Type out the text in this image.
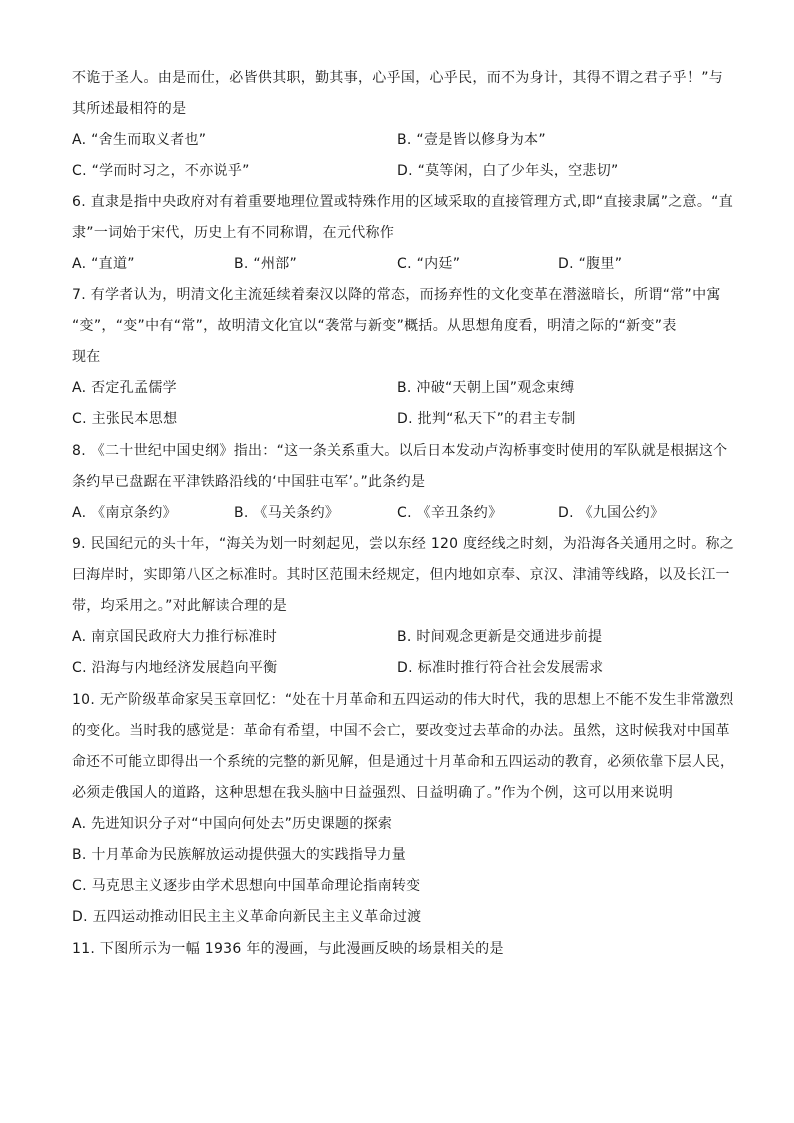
不诡于圣人。由是而仕，必皆供其职，勤其事，心乎国，心乎民，而不为身计，其得不谓之君子乎！”与
其所述最相符的是
A. “舍生而取义者也”	B. “壹是皆以修身为本”
C. “学而时习之，不亦说乎”	D. “莫等闲，白了少年头，空悲切”
6. 直隶是指中央政府对有着重要地理位置或特殊作用的区域采取的直接管理方式,即“直接隶属”之意。“直
隶”一词始于宋代，历史上有不同称谓，在元代称作
A. “直道”	B. “州部”	C. “内廷”	D. “腹里”
7. 有学者认为，明清文化主流延续着秦汉以降的常态，而扬弃性的文化变革在潜滋暗长，所谓“常”中寓
“变”，“变”中有“常”，故明清文化宜以“袭常与新变”概括。从思想角度看，明清之际的“新变”表
现在
A. 否定孔孟儒学	B. 冲破“天朝上国”观念束缚
C. 主张民本思想	D. 批判“私天下”的君主专制
8. 《二十世纪中国史纲》指出：“这一条关系重大。以后日本发动卢沟桥事变时使用的军队就是根据这个
条约早已盘踞在平津铁路沿线的‘中国驻屯军’。”此条约是
A. 《南京条约》	B. 《马关条约》	C. 《辛丑条约》	D. 《九国公约》
9. 民国纪元的头十年，“海关为划一时刻起见，尝以东经 120 度经线之时刻，为沿海各关通用之时。称之
曰海岸时，实即第八区之标准时。其时区范围未经规定，但内地如京奉、京汉、津浦等线路，以及长江一
带，均采用之。”对此解读合理的是
A. 南京国民政府大力推行标准时	B. 时间观念更新是交通进步前提
C. 沿海与内地经济发展趋向平衡	D. 标准时推行符合社会发展需求
10. 无产阶级革命家吴玉章回忆：“处在十月革命和五四运动的伟大时代，我的思想上不能不发生非常激烈
的变化。当时我的感觉是：革命有希望，中国不会亡，要改变过去革命的办法。虽然，这时候我对中国革
命还不可能立即得出一个系统的完整的新见解，但是通过十月革命和五四运动的教育，必须依靠下层人民，
必须走俄国人的道路，这种思想在我头脑中日益强烈、日益明确了。”作为个例，这可以用来说明
A. 先进知识分子对“中国向何处去”历史课题的探索
B. 十月革命为民族解放运动提供强大的实践指导力量
C. 马克思主义逐步由学术思想向中国革命理论指南转变
D. 五四运动推动旧民主主义革命向新民主主义革命过渡
11. 下图所示为一幅 1936 年的漫画，与此漫画反映的场景相关的是
